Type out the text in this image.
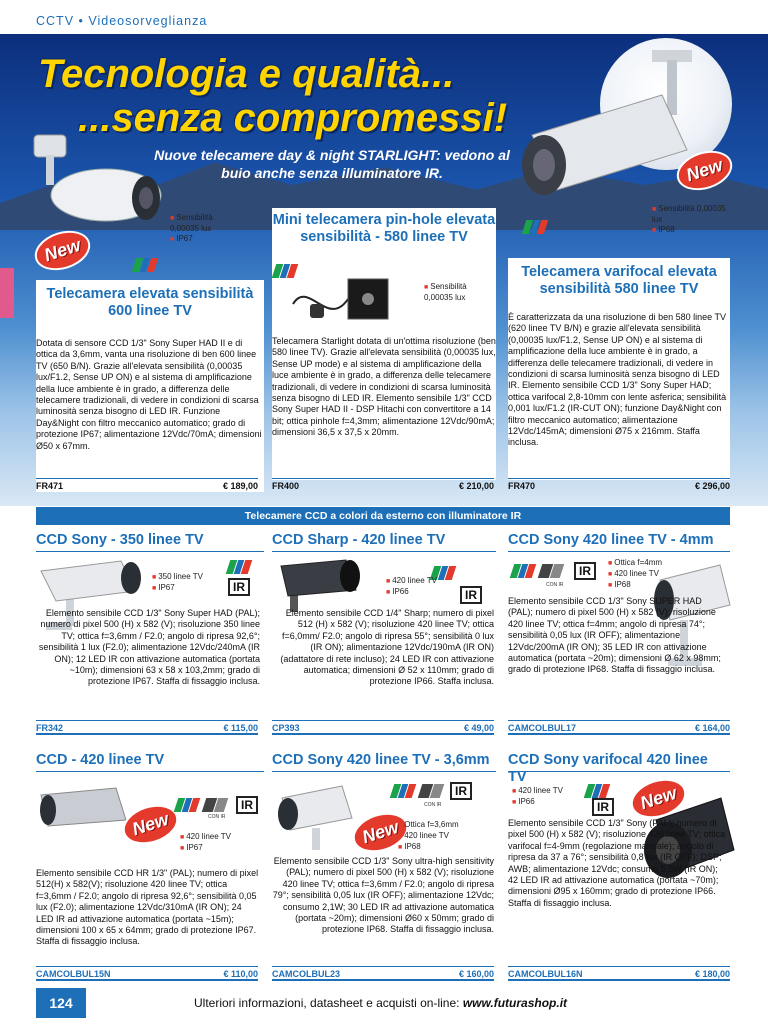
CCTV • Videosorveglianza
Tecnologia e qualità...
...senza compromessi!
Nuove telecamere day & night STARLIGHT: vedono al buio anche senza illuminatore IR.
New
New
■ Sensibilità 0,00035 lux
■ IP67
Telecamera elevata sensibilità 600 linee TV
Dotata di sensore CCD 1/3" Sony Super HAD II e di ottica da 3,6mm, vanta una risoluzione di ben 600 linee TV (650 B/N). Grazie all'elevata sensibilità (0,00035 lux/F1.2, Sense UP ON) e al sistema di amplificazione della luce ambiente è in grado, a differenza delle telecamere tradizionali, di vedere in condizioni di scarsa luminosità senza bisogno di LED IR. Funzione Day&Night con filtro meccanico automatico; grado di protezione IP67; alimentazione 12Vdc/70mA; dimensioni Ø50 x 67mm.
FR471	€ 189,00
Mini telecamera pin-hole elevata sensibilità - 580 linee TV
Telecamera Starlight dotata di un'ottima risoluzione (ben 580 linee TV). Grazie all'elevata sensibilità (0,00035 lux, Sense UP mode) e al sistema di amplificazione della luce ambiente è in grado, a differenza delle telecamere tradizionali, di vedere in condizioni di scarsa luminosità senza bisogno di LED IR. Elemento sensibile 1/3" CCD Sony Super HAD II - DSP Hitachi con convertitore a 14 bit; ottica pinhole f=4,3mm; alimentazione 12Vdc/90mA; dimensioni 36,5 x 37,5 x 20mm.
■ Sensibilità 0,00035 lux
FR400	€ 210,00
■ Sensibilità 0,00035 lux
■ IP68
Telecamera varifocal elevata sensibilità 580 linee TV
È caratterizzata da una risoluzione di ben 580 linee TV (620 linee TV B/N) e grazie all'elevata sensibilità (0,00035 lux/F1.2, Sense UP ON) e al sistema di amplificazione della luce ambiente è in grado, a differenza delle telecamere tradizionali, di vedere in condizioni di scarsa luminosità senza bisogno di LED IR. Elemento sensibile CCD 1/3" Sony Super HAD; ottica varifocal 2,8-10mm con lente asferica; sensibilità 0,001 lux/F1.2 (IR-CUT ON); funzione Day&Night con filtro meccanico automatico; alimentazione 12Vdc/145mA; dimensioni Ø75 x 216mm. Staffa inclusa.
FR470	€ 296,00
Telecamere CCD a colori da esterno con illuminatore IR
CCD Sony - 350 linee TV
■ 350 linee TV
■ IP67	IR
Elemento sensibile CCD 1/3" Sony Super HAD (PAL); numero di pixel 500 (H) x 582 (V); risoluzione 350 linee TV; ottica f=3,6mm / F2.0; angolo di ripresa 92,6°; sensibilità 1 lux (F2.0); alimentazione 12Vdc/240mA (IR ON); 12 LED IR con attivazione automatica (portata ~10m); dimensioni 63 x 58 x 103,2mm; grado di protezione IP67. Staffa di fissaggio inclusa.
FR342	€ 115,00
CCD Sharp - 420 linee TV
■ 420 linee TV
■ IP66	IR
Elemento sensibile CCD 1/4" Sharp; numero di pixel 512 (H) x 582 (V); risoluzione 420 linee TV; ottica f=6,0mm/ F2.0; angolo di ripresa 55°; sensibilità 0 lux (IR ON); alimentazione 12Vdc/190mA (IR ON) (adattatore di rete incluso); 24 LED IR con attivazione automatica; dimensioni Ø 52 x 110mm; grado di protezione IP66. Staffa inclusa.
CP393	€ 49,00
CCD Sony 420 linee TV - 4mm
IR
CON IR
■ Ottica f=4mm
■ 420 linee TV
■ IP68
Elemento sensibile CCD 1/3" Sony SUPER HAD (PAL); numero di pixel 500 (H) x 582 (V); risoluzione 420 linee TV; ottica f=4mm; angolo di ripresa 74°; sensibilità 0,05 lux (IR OFF); alimentazione 12Vdc/200mA (IR ON); 35 LED IR con attivazione automatica (portata ~20m); dimensioni Ø 62 x 98mm; grado di protezione IP68. Staffa di fissaggio inclusa.
CAMCOLBUL17	€ 164,00
CCD - 420 linee TV
New
IR
CON IR
■ 420 linee TV
■ IP67
Elemento sensibile CCD HR 1/3" (PAL); numero di pixel 512(H) x 582(V); risoluzione 420 linee TV; ottica f=3,6mm / F2.0; angolo di ripresa 92,6°; sensibilità 0,05 lux (F2.0); alimentazione 12Vdc/310mA (IR ON); 24 LED IR ad attivazione automatica (portata ~15m); dimensioni 100 x 65 x 64mm; grado di protezione IP67. Staffa di fissaggio inclusa.
CAMCOLBUL15N	€ 110,00
CCD Sony 420 linee TV - 3,6mm
New
IR
CON IR
■ Ottica f=3,6mm
■ 420 linee TV
■ IP68
Elemento sensibile CCD 1/3" Sony ultra-high sensitivity (PAL); numero di pixel 500 (H) x 582 (V); risoluzione 420 linee TV; ottica f=3,6mm / F2.0; angolo di ripresa 79°; sensibilità 0,05 lux (IR OFF); alimentazione 12Vdc; consumo 2,1W; 30 LED IR ad attivazione automatica (portata ~20m); dimensioni Ø60 x 50mm; grado di protezione IP68. Staffa di fissaggio inclusa.
CAMCOLBUL23	€ 160,00
CCD Sony varifocal 420 linee TV
■ 420 linee TV
■ IP66	IR	New
Elemento sensibile CCD 1/3" Sony (PAL); numero di pixel 500 (H) x 582 (V); risoluzione 420 linee TV; ottica varifocal f=4-9mm (regolazione manuale); angolo di ripresa da 37 a 76°; sensibilità 0,8 lux (IR OFF); DSP; AWB; alimentazione 12Vdc; consumo 5,5W (IR ON); 42 LED IR ad attivazione automatica (portata ~70m); dimensioni Ø95 x 160mm; grado di protezione IP66. Staffa di fissaggio inclusa.
CAMCOLBUL16N	€ 180,00
124	Ulteriori informazioni, datasheet e acquisti on-line: www.futurashop.it
